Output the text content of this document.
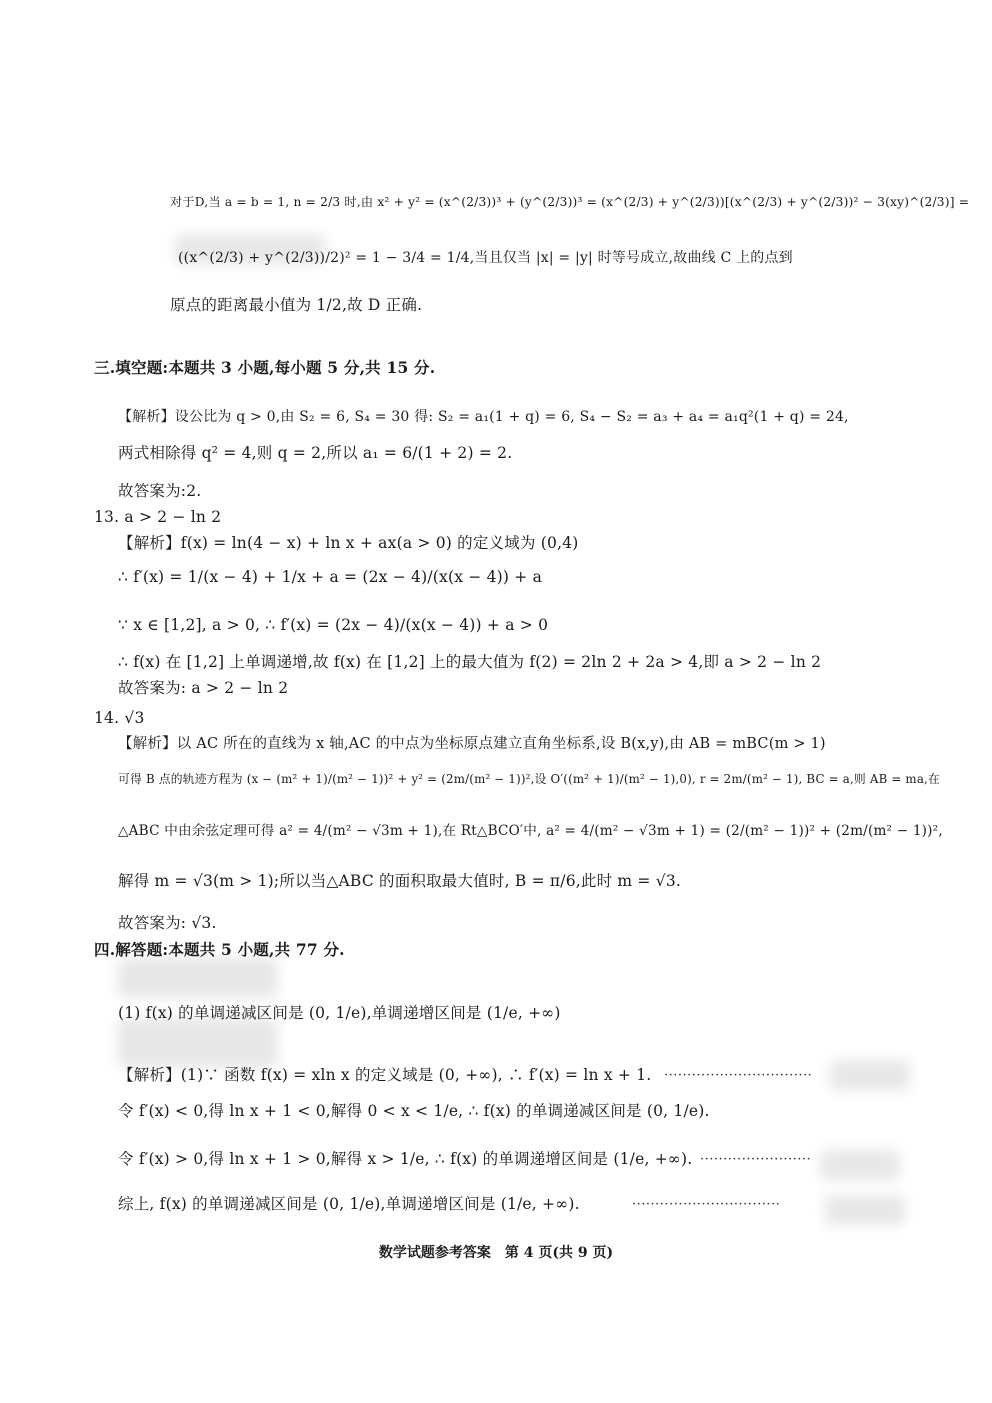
对于D,当 a = b = 1, n = 2/3 时,由 x² + y² = (x^(2/3))³ + (y^(2/3))³ = (x^(2/3) + y^(2/3))[(x^(2/3) + y^(2/3))² − 3(xy)^(2/3)] =
((x^(2/3) + y^(2/3))/2)² = 1 − 3/4 = 1/4,当且仅当 |x| = |y| 时等号成立,故曲线 C 上的点到
原点的距离最小值为 1/2,故 D 正确.
三.填空题:本题共 3 小题,每小题 5 分,共 15 分.
【解析】设公比为 q > 0,由 S₂ = 6, S₄ = 30 得: S₂ = a₁(1 + q) = 6, S₄ − S₂ = a₃ + a₄ = a₁q²(1 + q) = 24,
两式相除得 q² = 4,则 q = 2,所以 a₁ = 6/(1 + 2) = 2.
故答案为:2.
13. a > 2 − ln 2
【解析】f(x) = ln(4 − x) + ln x + ax(a > 0) 的定义域为 (0,4)
∴ f′(x) = 1/(x − 4) + 1/x + a = (2x − 4)/(x(x − 4)) + a
∵ x ∈ [1,2], a > 0, ∴ f′(x) = (2x − 4)/(x(x − 4)) + a > 0
∴ f(x) 在 [1,2] 上单调递增,故 f(x) 在 [1,2] 上的最大值为 f(2) = 2ln 2 + 2a > 4,即 a > 2 − ln 2
故答案为: a > 2 − ln 2
14. √3
【解析】以 AC 所在的直线为 x 轴,AC 的中点为坐标原点建立直角坐标系,设 B(x,y),由 AB = mBC(m > 1)
可得 B 点的轨迹方程为 (x − (m² + 1)/(m² − 1))² + y² = (2m/(m² − 1))²,设 O′((m² + 1)/(m² − 1),0), r = 2m/(m² − 1), BC = a,则 AB = ma,在
△ABC 中由余弦定理可得 a² = 4/(m² − √3m + 1),在 Rt△BCO′中, a² = 4/(m² − √3m + 1) = (2/(m² − 1))² + (2m/(m² − 1))²,
解得 m = √3(m > 1);所以当△ABC 的面积取最大值时, B = π/6,此时 m = √3.
故答案为: √3.
四.解答题:本题共 5 小题,共 77 分.
(1) f(x) 的单调递减区间是 (0, 1/e),单调递增区间是 (1/e, +∞)
【解析】(1)∵ 函数 f(x) = xln x 的定义域是 (0, +∞), ∴ f′(x) = ln x + 1. ································
令 f′(x) < 0,得 ln x + 1 < 0,解得 0 < x < 1/e, ∴ f(x) 的单调递减区间是 (0, 1/e).
令 f′(x) > 0,得 ln x + 1 > 0,解得 x > 1/e, ∴ f(x) 的单调递增区间是 (1/e, +∞). ························
综上, f(x) 的单调递减区间是 (0, 1/e),单调递增区间是 (1/e, +∞).	································
数学试题参考答案　第 4 页(共 9 页)
